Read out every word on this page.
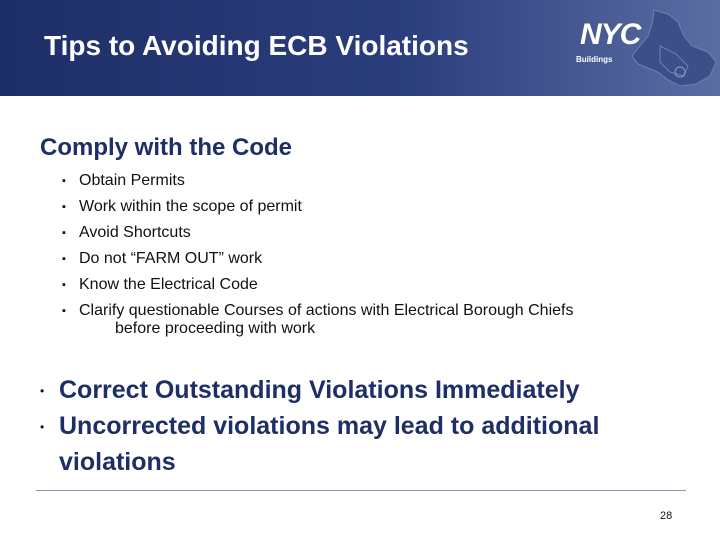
Tips to Avoiding ECB Violations	NYC
Buildings
Comply with the Code
▪ Obtain Permits
▪ Work within the scope of permit
▪ Avoid Shortcuts
▪ Do not “FARM OUT” work
▪ Know the Electrical Code
▪ Clarify questionable Courses of actions with Electrical Borough Chiefs
before proceeding with work
• Correct Outstanding Violations Immediately
• Uncorrected violations may lead to additional violations
28
